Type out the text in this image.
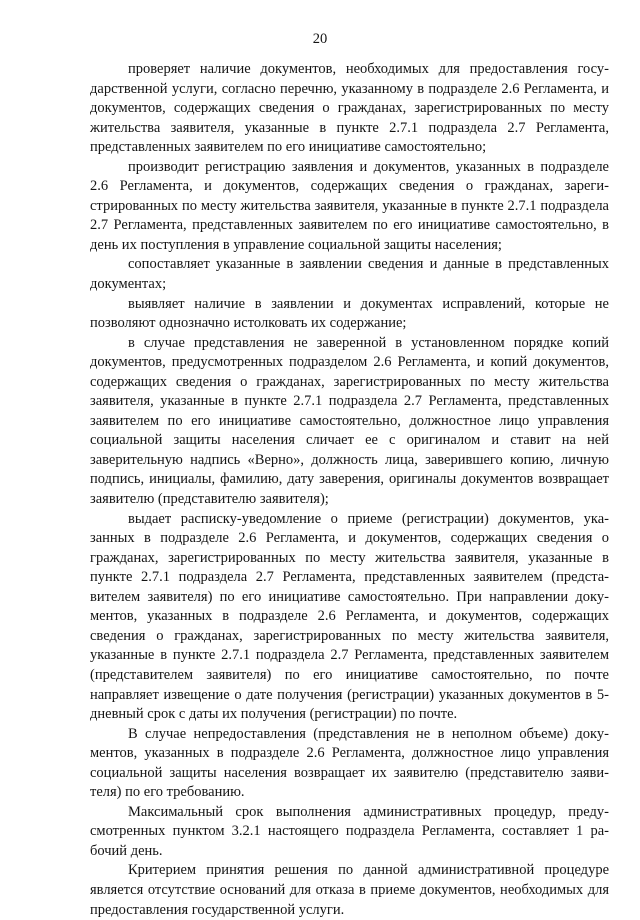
20

проверяет наличие документов, необходимых для предоставления государственной услуги, согласно перечню, указанному в подразделе 2.6 Регламента, и документов, содержащих сведения о гражданах, зарегистрированных по месту жительства заявителя, указанные в пункте 2.7.1 подраздела 2.7 Регламента, представленных заявителем по его инициативе самостоятельно;

производит регистрацию заявления и документов, указанных в подразделе 2.6 Регламента, и документов, содержащих сведения о гражданах, зарегистрированных по месту жительства заявителя, указанные в пункте 2.7.1 подраздела 2.7 Регламента, представленных заявителем по его инициативе самостоятельно, в день их поступления в управление социальной защиты населения;

сопоставляет указанные в заявлении сведения и данные в представленных документах;

выявляет наличие в заявлении и документах исправлений, которые не позволяют однозначно истолковать их содержание;

в случае представления не заверенной в установленном порядке копий документов, предусмотренных подразделом 2.6 Регламента, и копий документов, содержащих сведения о гражданах, зарегистрированных по месту жительства заявителя, указанные в пункте 2.7.1 подраздела 2.7 Регламента, представленных заявителем по его инициативе самостоятельно, должностное лицо управления социальной защиты населения сличает ее с оригиналом и ставит на ней заверительную надпись «Верно», должность лица, заверившего копию, личную подпись, инициалы, фамилию, дату заверения, оригиналы документов возвращает заявителю (представителю заявителя);

выдает расписку-уведомление о приеме (регистрации) документов, указанных в подразделе 2.6 Регламента, и документов, содержащих сведения о гражданах, зарегистрированных по месту жительства заявителя, указанные в пункте 2.7.1 подраздела 2.7 Регламента, представленных заявителем (представителем заявителя) по его инициативе самостоятельно. При направлении документов, указанных в подразделе 2.6 Регламента, и документов, содержащих сведения о гражданах, зарегистрированных по месту жительства заявителя, указанные в пункте 2.7.1 подраздела 2.7 Регламента, представленных заявителем (представителем заявителя) по его инициативе самостоятельно, по почте направляет извещение о дате получения (регистрации) указанных документов в 5-дневный срок с даты их получения (регистрации) по почте.

В случае непредоставления (представления не в неполном объеме) документов, указанных в подразделе 2.6 Регламента, должностное лицо управления социальной защиты населения возвращает их заявителю (представителю заявителя) по его требованию.

Максимальный срок выполнения административных процедур, предусмотренных пунктом 3.2.1 настоящего подраздела Регламента, составляет 1 рабочий день.

Критерием принятия решения по данной административной процедуре является отсутствие оснований для отказа в приеме документов, необходимых для предоставления государственной услуги.
